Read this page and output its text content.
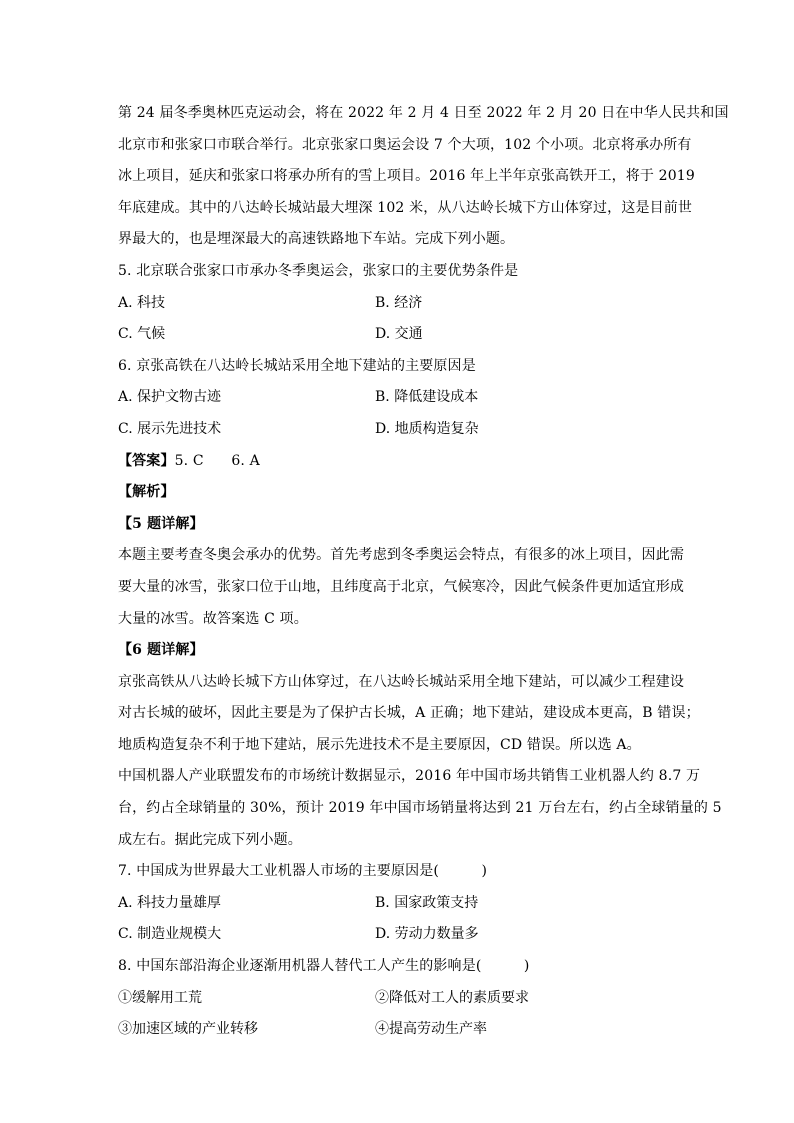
第 24 届冬季奥林匹克运动会，将在 2022 年 2 月 4 日至 2022 年 2 月 20 日在中华人民共和国
北京市和张家口市联合举行。北京张家口奥运会设 7 个大项，102 个小项。北京将承办所有
冰上项目，延庆和张家口将承办所有的雪上项目。2016 年上半年京张高铁开工，将于 2019
年底建成。其中的八达岭长城站最大埋深 102 米，从八达岭长城下方山体穿过，这是目前世
界最大的，也是埋深最大的高速铁路地下车站。完成下列小题。
5. 北京联合张家口市承办冬季奥运会，张家口的主要优势条件是
A. 科技	B. 经济
C. 气候	D. 交通
6. 京张高铁在八达岭长城站采用全地下建站的主要原因是
A. 保护文物古迹	B. 降低建设成本
C. 展示先进技术	D. 地质构造复杂
【答案】5. C      6. A
【解析】
【5 题详解】
本题主要考查冬奥会承办的优势。首先考虑到冬季奥运会特点，有很多的冰上项目，因此需
要大量的冰雪，张家口位于山地，且纬度高于北京，气候寒冷，因此气候条件更加适宜形成
大量的冰雪。故答案选 C 项。
【6 题详解】
京张高铁从八达岭长城下方山体穿过，在八达岭长城站采用全地下建站，可以减少工程建设
对古长城的破坏，因此主要是为了保护古长城，A 正确；地下建站，建设成本更高，B 错误；
地质构造复杂不利于地下建站，展示先进技术不是主要原因，CD 错误。所以选 A。
中国机器人产业联盟发布的市场统计数据显示，2016 年中国市场共销售工业机器人约 8.7 万
台，约占全球销量的 30%，预计 2019 年中国市场销量将达到 21 万台左右，约占全球销量的 5
成左右。据此完成下列小题。
7. 中国成为世界最大工业机器人市场的主要原因是(　　　)
A. 科技力量雄厚	B. 国家政策支持
C. 制造业规模大	D. 劳动力数量多
8. 中国东部沿海企业逐渐用机器人替代工人产生的影响是(　　　)
①缓解用工荒	②降低对工人的素质要求
③加速区域的产业转移	④提高劳动生产率
